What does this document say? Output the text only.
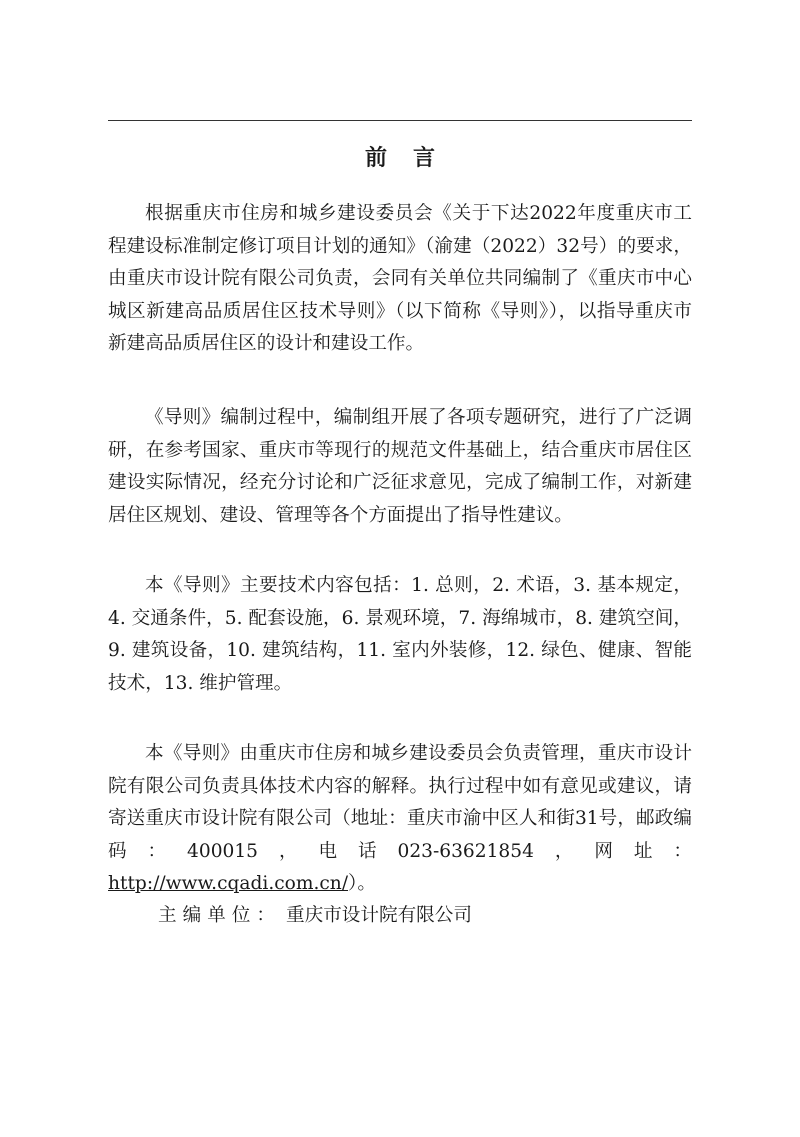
前言

根据重庆市住房和城乡建设委员会《关于下达2022年度重庆市工程建设标准制定修订项目计划的通知》（渝建（2022）32号）的要求，由重庆市设计院有限公司负责，会同有关单位共同编制了《重庆市中心城区新建高品质居住区技术导则》（以下简称《导则》），以指导重庆市新建高品质居住区的设计和建设工作。

《导则》编制过程中，编制组开展了各项专题研究，进行了广泛调研，在参考国家、重庆市等现行的规范文件基础上，结合重庆市居住区建设实际情况，经充分讨论和广泛征求意见，完成了编制工作，对新建居住区规划、建设、管理等各个方面提出了指导性建议。

本《导则》主要技术内容包括：1. 总则，2. 术语，3. 基本规定，4. 交通条件，5. 配套设施，6. 景观环境，7. 海绵城市，8. 建筑空间，9. 建筑设备，10. 建筑结构，11. 室内外装修，12. 绿色、健康、智能技术，13. 维护管理。

本《导则》由重庆市住房和城乡建设委员会负责管理，重庆市设计院有限公司负责具体技术内容的解释。执行过程中如有意见或建议，请寄送重庆市设计院有限公司（地址：重庆市渝中区人和街31号，邮政编码：400015，电话023-63621854，网址：http://www.cqadi.com.cn/）。

主编单位： 重庆市设计院有限公司
